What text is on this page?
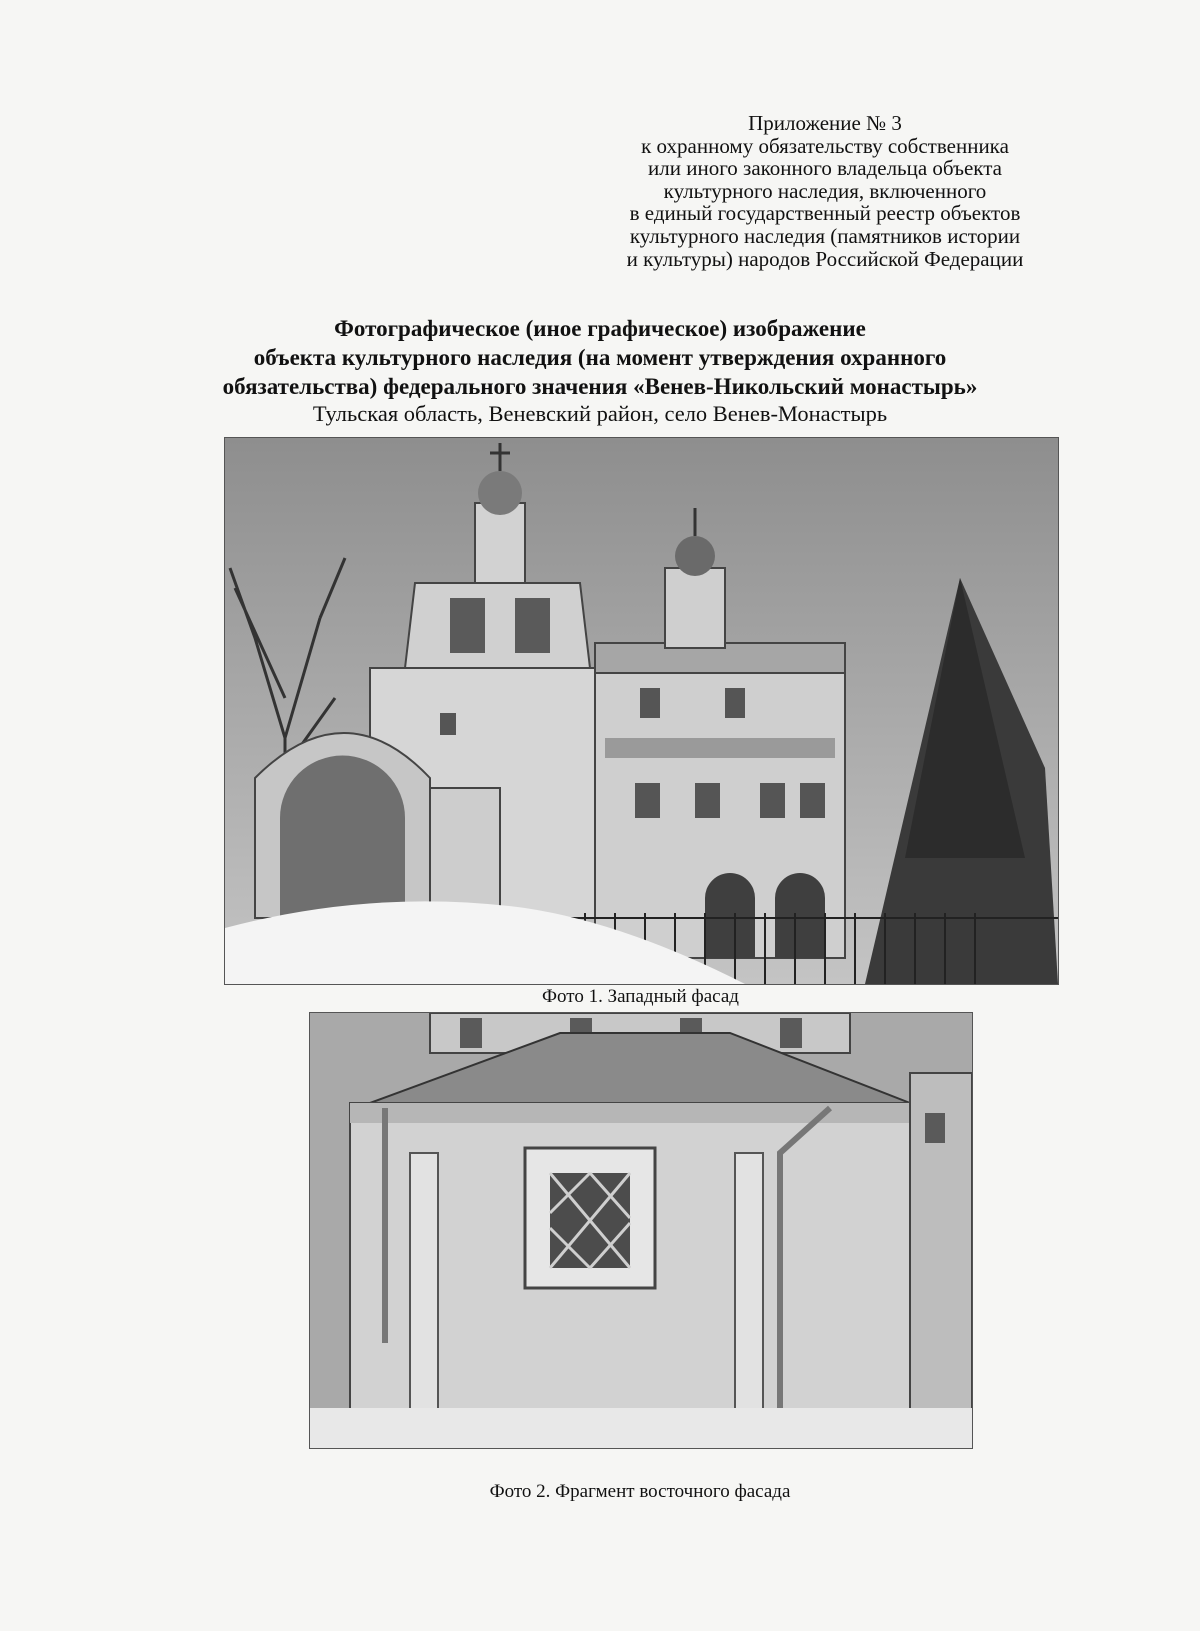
Приложение № 3
к охранному обязательству собственника
или иного законного владельца объекта
культурного наследия, включенного
в единый государственный реестр объектов
культурного наследия (памятников истории
и культуры) народов Российской Федерации
Фотографическое (иное графическое) изображение
объекта культурного наследия (на момент утверждения охранного
обязательства) федерального значения «Венев-Никольский монастырь»
Тульская область, Веневский район, село Венев-Монастырь
Фото 1. Западный фасад
Фото 2. Фрагмент восточного фасада
